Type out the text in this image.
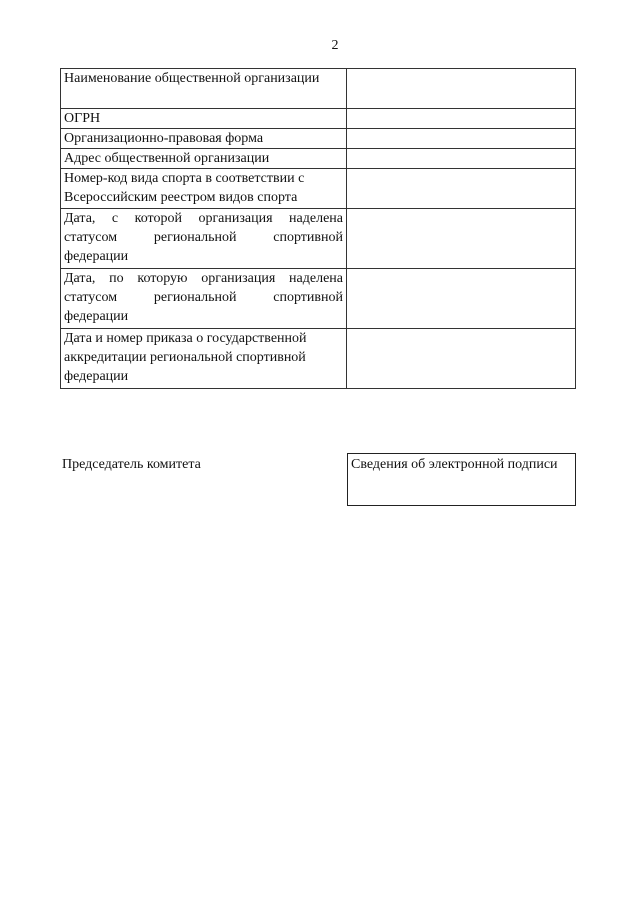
2
Наименование общественной организации	
ОГРН	
Организационно-правовая форма	
Адрес общественной организации	
Номер-код вида спорта в соответствии с Всероссийским реестром видов спорта	
Дата, с которой организация наделена статусом региональной спортивной федерации	
Дата, по которую организация наделена статусом региональной спортивной федерации	
Дата и номер приказа о государственной аккредитации региональной спортивной федерации	
Председатель комитета	Сведения об электронной подписи
